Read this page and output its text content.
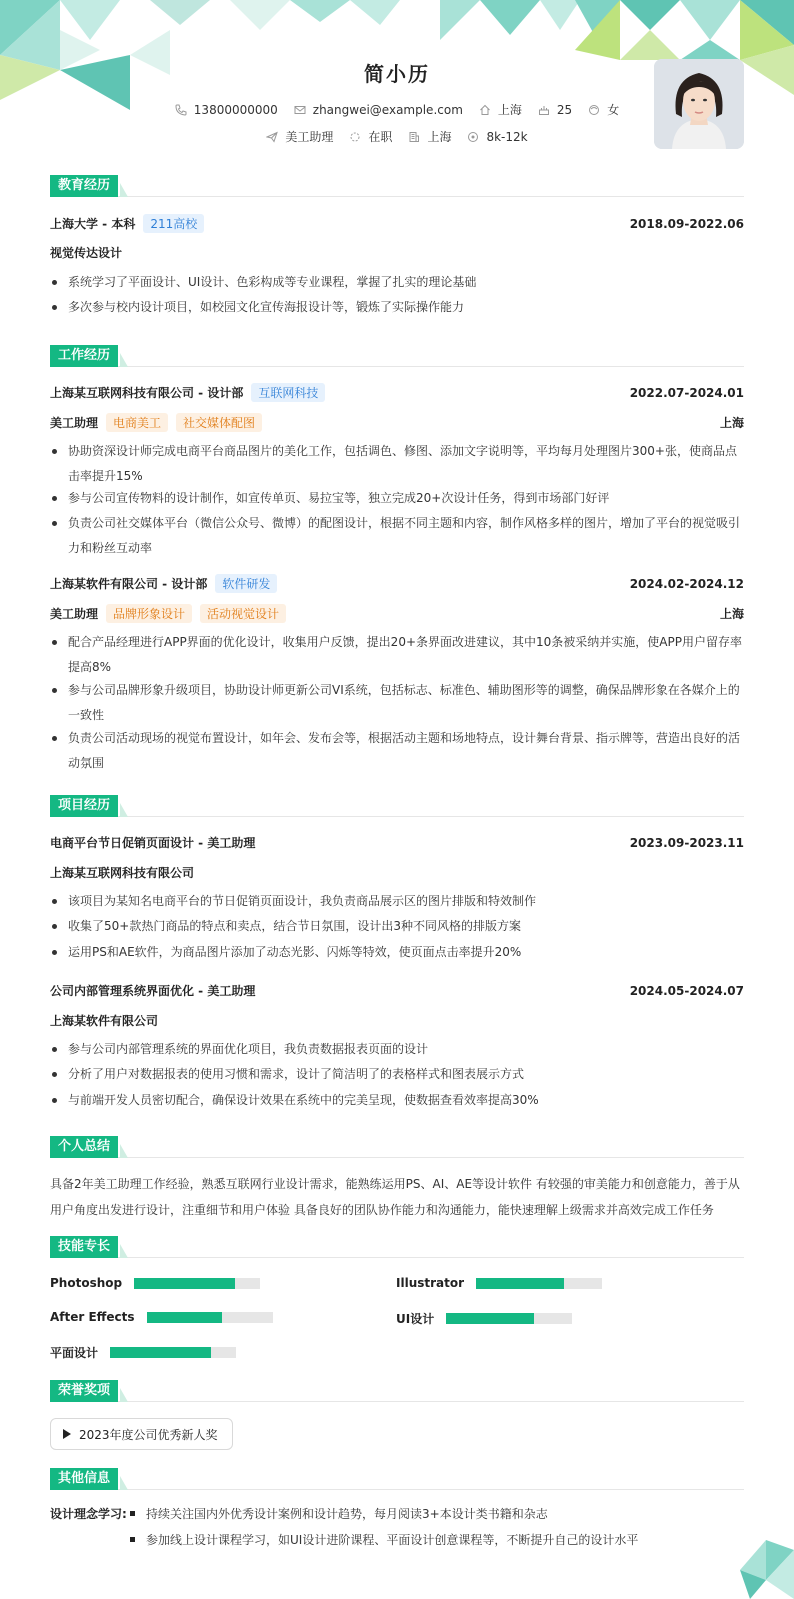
简小历
13800000000	zhangwei@example.com	上海	25	女
美工助理	在职	上海	8k-12k
教育经历
上海大学 - 本科	211高校	2018.09-2022.06
视觉传达设计
系统学习了平面设计、UI设计、色彩构成等专业课程，掌握了扎实的理论基础
多次参与校内设计项目，如校园文化宣传海报设计等，锻炼了实际操作能力
工作经历
上海某互联网科技有限公司 - 设计部	互联网科技	2022.07-2024.01
美工助理	电商美工	社交媒体配图	上海
协助资深设计师完成电商平台商品图片的美化工作，包括调色、修图、添加文字说明等，平均每月处理图片300+张，使商品点击率提升15%
参与公司宣传物料的设计制作，如宣传单页、易拉宝等，独立完成20+次设计任务，得到市场部门好评
负责公司社交媒体平台（微信公众号、微博）的配图设计，根据不同主题和内容，制作风格多样的图片，增加了平台的视觉吸引力和粉丝互动率
上海某软件有限公司 - 设计部	软件研发	2024.02-2024.12
美工助理	品牌形象设计	活动视觉设计	上海
配合产品经理进行APP界面的优化设计，收集用户反馈，提出20+条界面改进建议，其中10条被采纳并实施，使APP用户留存率提高8%
参与公司品牌形象升级项目，协助设计师更新公司VI系统，包括标志、标准色、辅助图形等的调整，确保品牌形象在各媒介上的一致性
负责公司活动现场的视觉布置设计，如年会、发布会等，根据活动主题和场地特点，设计舞台背景、指示牌等，营造出良好的活动氛围
项目经历
电商平台节日促销页面设计 - 美工助理	2023.09-2023.11
上海某互联网科技有限公司
该项目为某知名电商平台的节日促销页面设计，我负责商品展示区的图片排版和特效制作
收集了50+款热门商品的特点和卖点，结合节日氛围，设计出3种不同风格的排版方案
运用PS和AE软件，为商品图片添加了动态光影、闪烁等特效，使页面点击率提升20%
公司内部管理系统界面优化 - 美工助理	2024.05-2024.07
上海某软件有限公司
参与公司内部管理系统的界面优化项目，我负责数据报表页面的设计
分析了用户对数据报表的使用习惯和需求，设计了简洁明了的表格样式和图表展示方式
与前端开发人员密切配合，确保设计效果在系统中的完美呈现，使数据查看效率提高30%
个人总结
具备2年美工助理工作经验，熟悉互联网行业设计需求，能熟练运用PS、AI、AE等设计软件 有较强的审美能力和创意能力，善于从用户角度出发进行设计，注重细节和用户体验 具备良好的团队协作能力和沟通能力，能快速理解上级需求并高效完成工作任务
技能专长
Photoshop	Illustrator
After Effects	UI设计
平面设计
荣誉奖项
2023年度公司优秀新人奖
其他信息
设计理念学习:	持续关注国内外优秀设计案例和设计趋势，每月阅读3+本设计类书籍和杂志
参加线上设计课程学习，如UI设计进阶课程、平面设计创意课程等，不断提升自己的设计水平
